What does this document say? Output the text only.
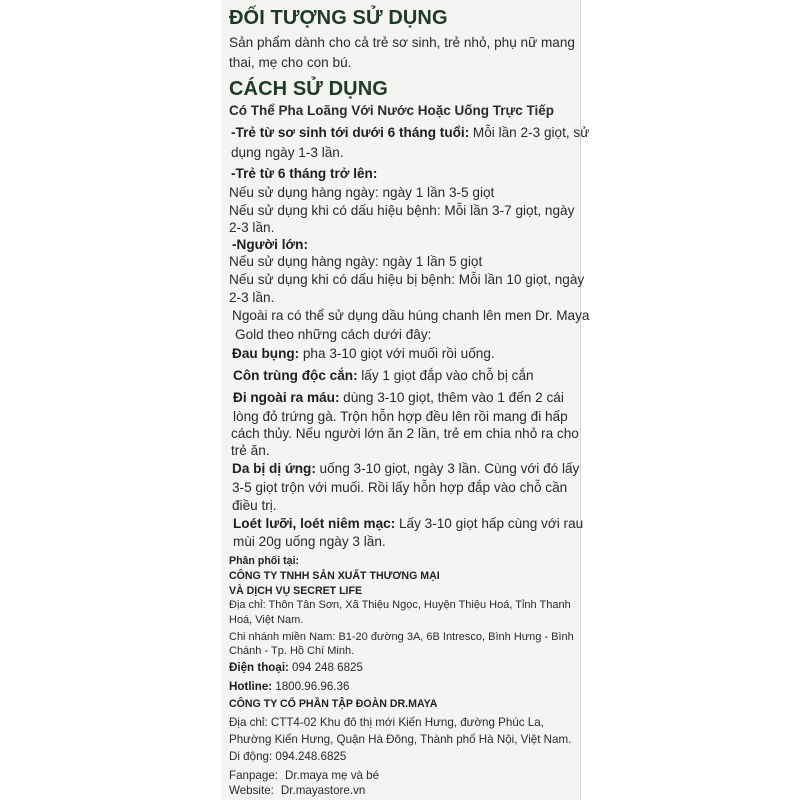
ĐỐI TƯỢNG SỬ DỤNG
Sản phẩm dành cho cả trẻ sơ sinh, trẻ nhỏ, phụ nữ mang
thai, mẹ cho con bú.
CÁCH SỬ DỤNG
Có Thể Pha Loãng Với Nước Hoặc Uống Trực Tiếp
-Trẻ từ sơ sinh tới dưới 6 tháng tuổi: Mỗi lần 2-3 giọt, sử
dụng ngày 1-3 lần.
-Trẻ từ 6 tháng trở lên:
Nếu sử dụng hàng ngày: ngày 1 lần 3-5 giọt
Nếu sử dụng khi có dấu hiệu bệnh: Mỗi lần 3-7 giọt, ngày
2-3 lần.
-Người lớn:
Nếu sử dụng hàng ngày: ngày 1 lần 5 giọt
Nếu sử dụng khi có dấu hiệu bị bệnh: Mỗi lần 10 giọt, ngày
2-3 lần.
Ngoài ra có thể sử dụng dầu húng chanh lên men Dr. Maya
Gold theo những cách dưới đây:
Đau bụng: pha 3-10 giọt với muối rồi uống.
Côn trùng độc cắn: lấy 1 giọt đắp vào chỗ bị cắn
Đi ngoài ra máu: dùng 3-10 giọt, thêm vào 1 đến 2 cái
lòng đỏ trứng gà. Trộn hỗn hợp đều lên rồi mang đi hấp
cách thủy. Nếu người lớn ăn 2 lần, trẻ em chia nhỏ ra cho
trẻ ăn.
Da bị dị ứng: uống 3-10 giọt, ngày 3 lần. Cùng với đó lấy
3-5 giọt trộn với muối. Rồi lấy hỗn hợp đắp vào chỗ cần
điều trị.
Loét lưỡi, loét niêm mạc: Lấy 3-10 giọt hấp cùng với rau
mùi 20g uống ngày 3 lần.
Phân phối tại:
CÔNG TY TNHH SẢN XUẤT THƯƠNG MẠI
VÀ DỊCH VỤ SECRET LIFE
Địa chỉ: Thôn Tân Sơn, Xã Thiệu Ngọc, Huyện Thiệu Hoá, Tỉnh Thanh
Hoá, Việt Nam.
Chi nhánh miền Nam: B1-20 đường 3A, 6B Intresco, Bình Hưng - Bình
Chánh - Tp. Hồ Chí Minh.
Điện thoại: 094 248 6825
Hotline: 1800.96.96.36
CÔNG TY CỔ PHẦN TẬP ĐOÀN DR.MAYA
Địa chỉ: CTT4-02 Khu đô thị mới Kiến Hưng, đường Phúc La,
Phường Kiến Hưng, Quận Hà Đông, Thành phố Hà Nội, Việt Nam.
Di động: 094.248.6825
Fanpage: Dr.maya mẹ và bé
Website: Dr.mayastore.vn
